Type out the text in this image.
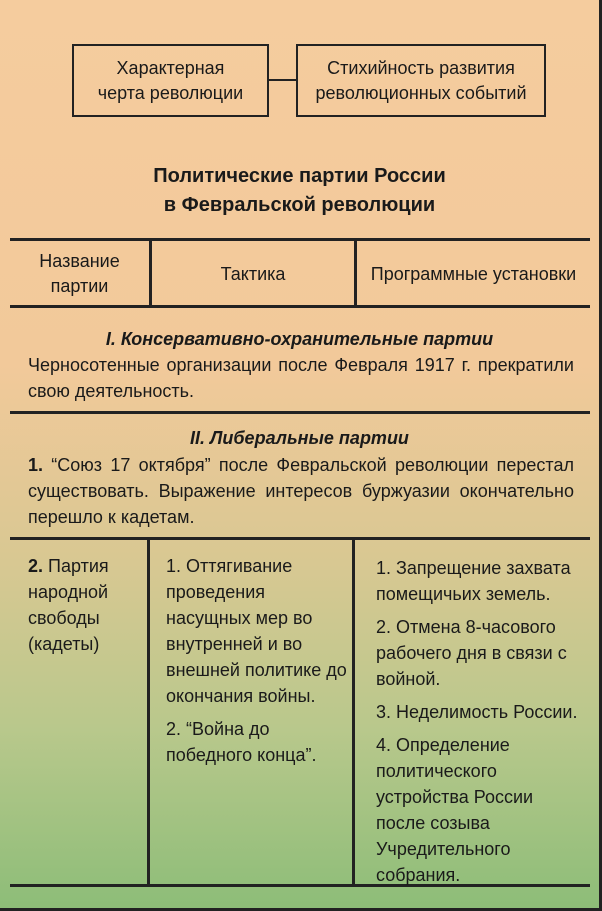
Характерная черта революции
Стихийность развития революционных событий
Политические партии России
в Февральской революции
Название партии
Тактика	Программные установки
I. Консервативно-охранительные партии
Черносотенные организации после Февраля 1917 г. прекратили свою деятельность.
II. Либеральные партии
1. “Союз 17 октября” после Февральской революции перестал существовать. Выражение интересов буржуазии окончательно перешло к кадетам.
2. Партия народной свободы (кадеты)

1. Оттягивание проведения насущных мер во внутренней и во внешней политике до окончания войны.

2. “Война до победного конца”.

1. Запрещение захвата помещичьих земель.

2. Отмена 8-часового рабочего дня в связи с войной.

3. Неделимость России.

4. Определение политического устройства России после созыва Учредительного собрания.
